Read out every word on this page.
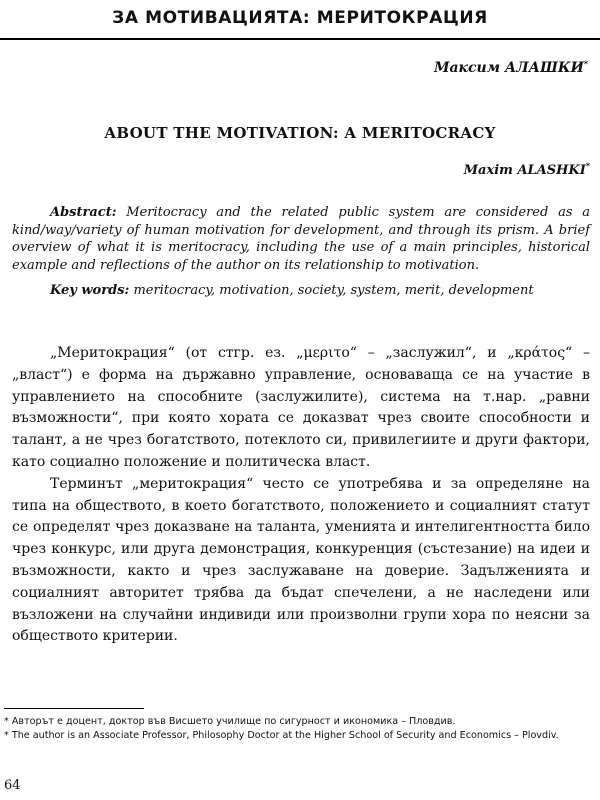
ЗА МОТИВАЦИЯТА: МЕРИТОКРАЦИЯ
Максим АЛАШКИ*
ABOUT THE MOTIVATION: A MERITOCRACY
Maxim ALASHKI*
Abstract: Meritocracy and the related public system are considered as a kind/way/variety of human motivation for development, and through its prism. A brief overview of what it is meritocracy, including the use of a main principles, historical example and reflections of the author on its relationship to motivation.
Key words: meritocracy, motivation, society, system, merit, development

„Меритокрация“ (от стгр. ез. „μεριτο“ – „заслужил“, и „κράτος“ – „власт“) е форма на държавно управление, основаваща се на участие в управлението на способните (заслужилите), система на т.нар. „равни възможности“, при която хората се доказват чрез своите способности и талант, а не чрез богатството, потеклото си, привилегиите и други фактори, като социално положение и политическа власт.

Терминът „меритокрация“ често се употребява и за определяне на типа на обществото, в което богатството, положението и социалният статут се определят чрез доказване на таланта, уменията и интелигентността било чрез конкурс, или друга демонстрация, конкуренция (състезание) на идеи и възможности, както и чрез заслужаване на доверие. Задълженията и социалният авторитет трябва да бъдат спечелени, а не наследени или възложени на случайни индивиди или произволни групи хора по неясни за обществото критерии.

* Авторът е доцент, доктор във Висшето училище по сигурност и икономика – Пловдив.
* The author is an Associate Professor, Philosophy Doctor at the Higher School of Security and Economics – Plovdiv.
64
